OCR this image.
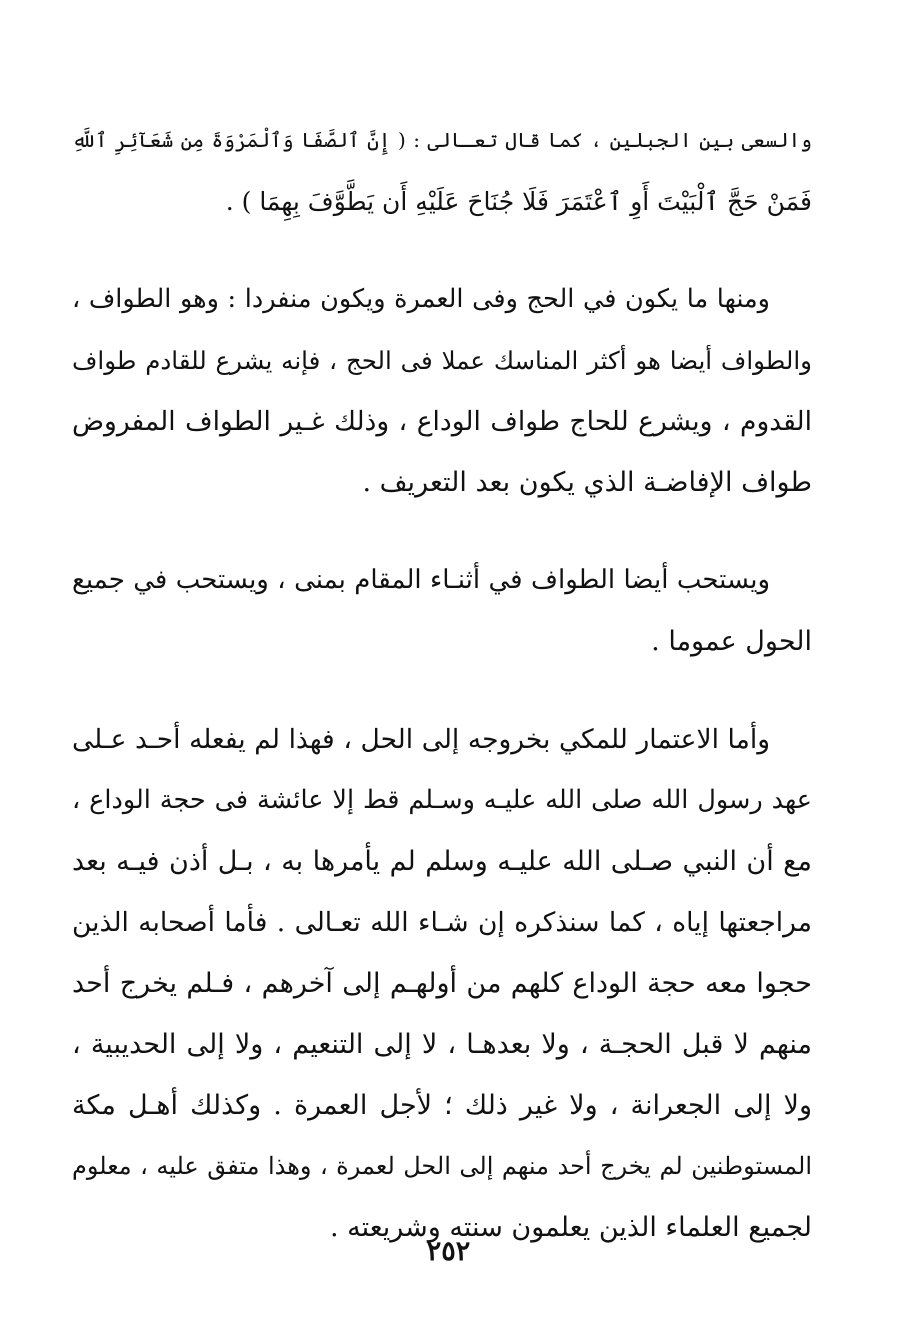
والسعى بين الجبلين ، كما قال تعـالى : ( إِنَّ ٱلصَّفَا وَٱلْمَرْوَةَ مِن شَعَآئِرِ ٱللَّهِ
فَمَنْ حَجَّ ٱلْبَيْتَ أَوِ ٱعْتَمَرَ فَلَا جُنَاحَ عَلَيْهِ أَن يَطَّوَّفَ بِهِمَا ) .

ومنها ما يكون في الحج وفى العمرة ويكون منفردا : وهو الطواف ،
والطواف أيضا هو أكثر المناسك عملا فى الحج ، فإنه يشرع للقادم طواف
القدوم ، ويشرع للحاج طواف الوداع ، وذلك غـير الطواف المفروض
طواف الإفاضـة الذي يكون بعد التعريف .

ويستحب أيضا الطواف في أثنـاء المقام بمنى ، ويستحب في جميع
الحول عموما .

وأما الاعتمار للمكي بخروجه إلى الحل ، فهذا لم يفعله أحـد عـلى
عهد رسول الله صلى الله عليـه وسـلم قط إلا عائشة فى حجة الوداع ،
مع أن النبي صـلى الله عليـه وسلم لم يأمرها به ، بـل أذن فيـه بعد
مراجعتها إياه ، كما سنذكره إن شـاء الله تعـالى . فأما أصحابه الذين
حجوا معه حجة الوداع كلهم من أولهـم إلى آخرهم ، فـلم يخرج أحد
منهم لا قبل الحجـة ، ولا بعدهـا ، لا إلى التنعيم ، ولا إلى الحديبية ،
ولا إلى الجعرانة ، ولا غير ذلك ؛ لأجل العمرة . وكذلك أهـل مكة
المستوطنين لم يخرج أحد منهم إلى الحل لعمرة ، وهذا متفق عليه ، معلوم
لجميع العلماء الذين يعلمون سنته وشريعته .

٢٥٢
